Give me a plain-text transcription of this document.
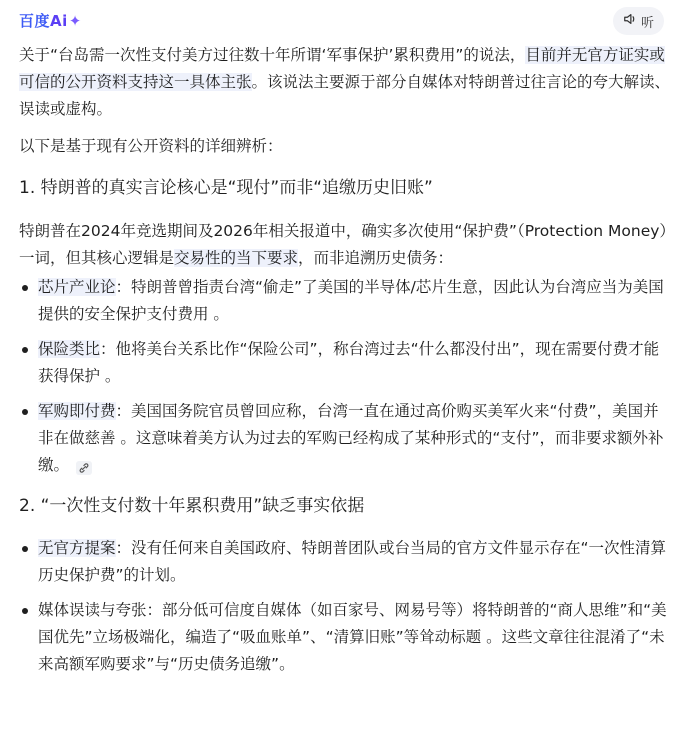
百度Ai✦	听

关于“台岛需一次性支付美方过往数十年所谓‘军事保护’累积费用”的说法，目前并无官方证实或可信的公开资料支持这一具体主张。该说法主要源于部分自媒体对特朗普过往言论的夸大解读、误读或虚构。

以下是基于现有公开资料的详细辨析：

1. 特朗普的真实言论核心是“现付”而非“追缴历史旧账”

特朗普在2024年竞选期间及2026年相关报道中，确实多次使用“保护费”（Protection Money）一词，但其核心逻辑是交易性的当下要求，而非追溯历史债务：

芯片产业论：特朗普曾指责台湾“偷走”了美国的半导体/芯片生意，因此认为台湾应当为美国提供的安全保护支付费用 。
保险类比：他将美台关系比作“保险公司”，称台湾过去“什么都没付出”，现在需要付费才能获得保护 。
军购即付费：美国国务院官员曾回应称，台湾一直在通过高价购买美军火来“付费”，美国并非在做慈善 。这意味着美方认为过去的军购已经构成了某种形式的“支付”，而非要求额外补缴。
2. “一次性支付数十年累积费用”缺乏事实依据
无官方提案：没有任何来自美国政府、特朗普团队或台当局的官方文件显示存在“一次性清算历史保护费”的计划。
媒体误读与夸张：部分低可信度自媒体（如百家号、网易号等）将特朗普的“商人思维”和“美国优先”立场极端化，编造了“吸血账单”、“清算旧账”等耸动标题 。这些文章往往混淆了“未来高额军购要求”与“历史债务追缴”。
